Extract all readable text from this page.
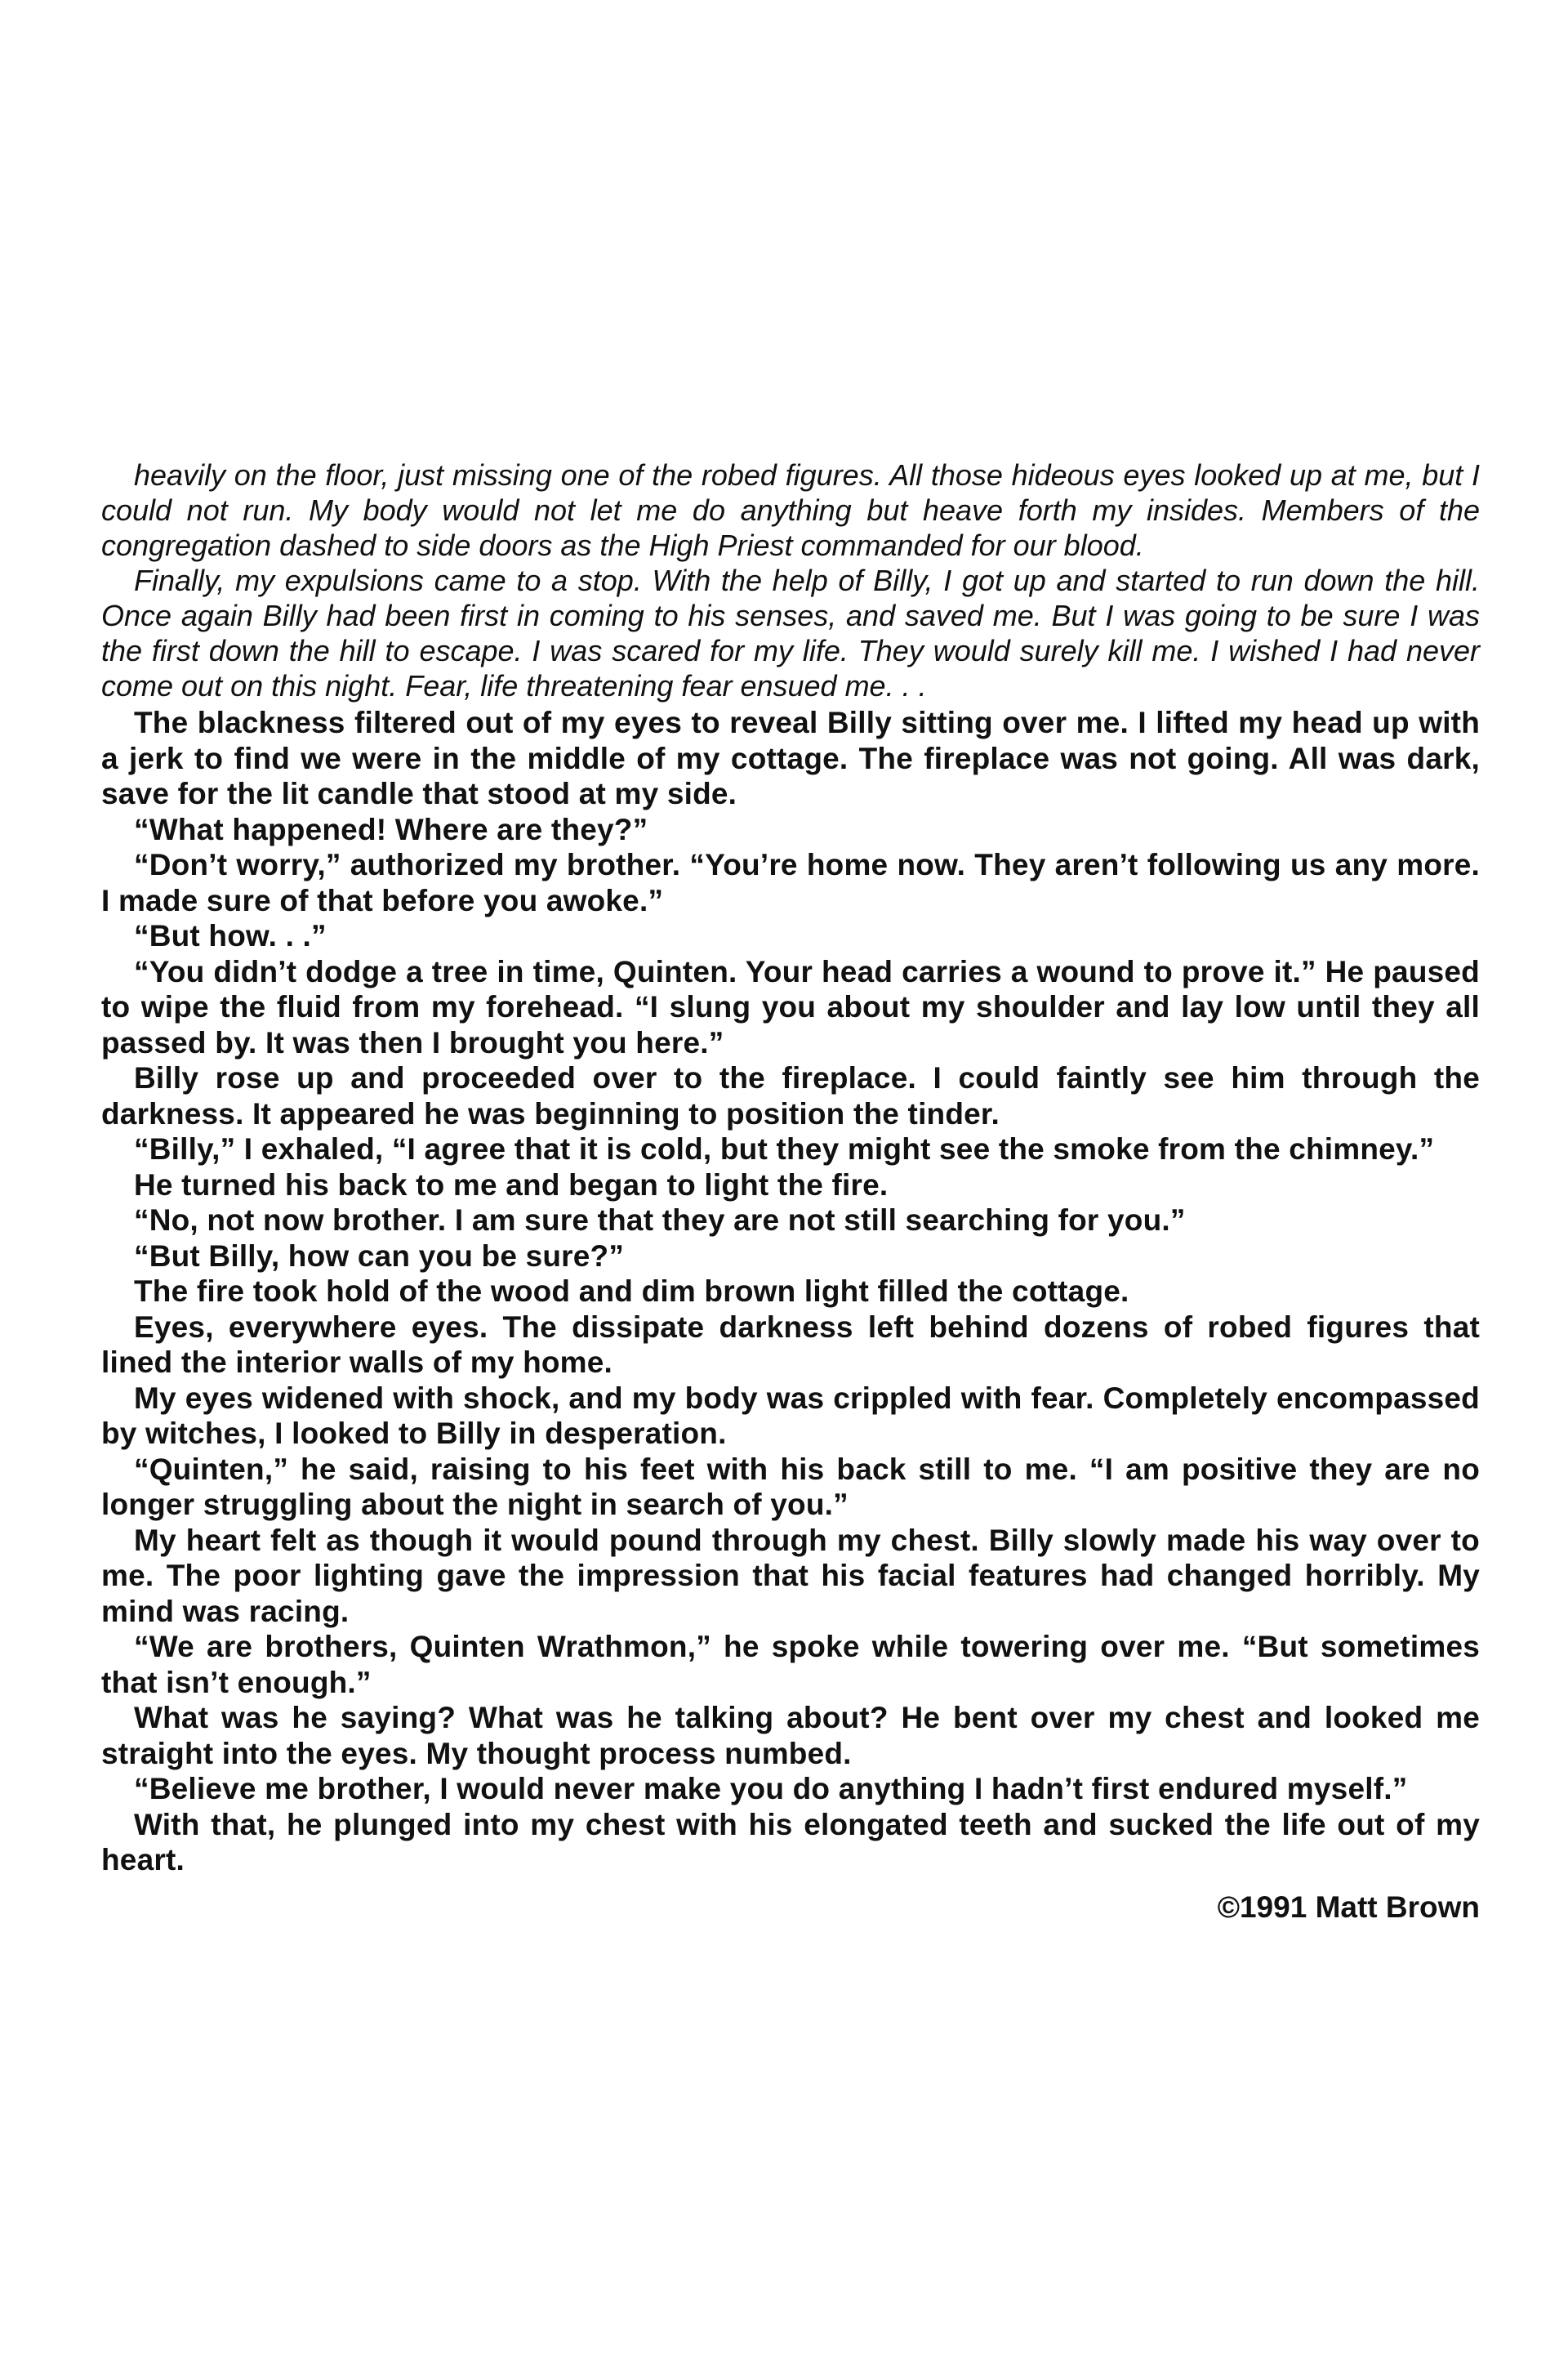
heavily on the floor, just missing one of the robed figures. All those hideous eyes looked up at me, but I could not run. My body would not let me do anything but heave forth my insides. Members of the congregation dashed to side doors as the High Priest commanded for our blood.

Finally, my expulsions came to a stop. With the help of Billy, I got up and started to run down the hill. Once again Billy had been first in coming to his senses, and saved me. But I was going to be sure I was the first down the hill to escape. I was scared for my life. They would surely kill me. I wished I had never come out on this night. Fear, life threatening fear ensued me. . .

The blackness filtered out of my eyes to reveal Billy sitting over me. I lifted my head up with a jerk to find we were in the middle of my cottage. The fireplace was not going. All was dark, save for the lit candle that stood at my side.

“What happened! Where are they?”

“Don’t worry,” authorized my brother. “You’re home now. They aren’t following us any more. I made sure of that before you awoke.”

“But how. . .”

“You didn’t dodge a tree in time, Quinten. Your head carries a wound to prove it.” He paused to wipe the fluid from my forehead. “I slung you about my shoulder and lay low until they all passed by. It was then I brought you here.”

Billy rose up and proceeded over to the fireplace. I could faintly see him through the darkness. It appeared he was beginning to position the tinder.

“Billy,” I exhaled, “I agree that it is cold, but they might see the smoke from the chimney.”

He turned his back to me and began to light the fire.

“No, not now brother. I am sure that they are not still searching for you.”

“But Billy, how can you be sure?”

The fire took hold of the wood and dim brown light filled the cottage.

Eyes, everywhere eyes. The dissipate darkness left behind dozens of robed figures that lined the interior walls of my home.

My eyes widened with shock, and my body was crippled with fear. Completely encompassed by witches, I looked to Billy in desperation.

“Quinten,” he said, raising to his feet with his back still to me. “I am positive they are no longer struggling about the night in search of you.”

My heart felt as though it would pound through my chest. Billy slowly made his way over to me. The poor lighting gave the impression that his facial features had changed horribly. My mind was racing.

“We are brothers, Quinten Wrathmon,” he spoke while towering over me. “But sometimes that isn’t enough.”

What was he saying? What was he talking about? He bent over my chest and looked me straight into the eyes. My thought process numbed.

“Believe me brother, I would never make you do anything I hadn’t first endured myself.”

With that, he plunged into my chest with his elongated teeth and sucked the life out of my heart.

©1991 Matt Brown
